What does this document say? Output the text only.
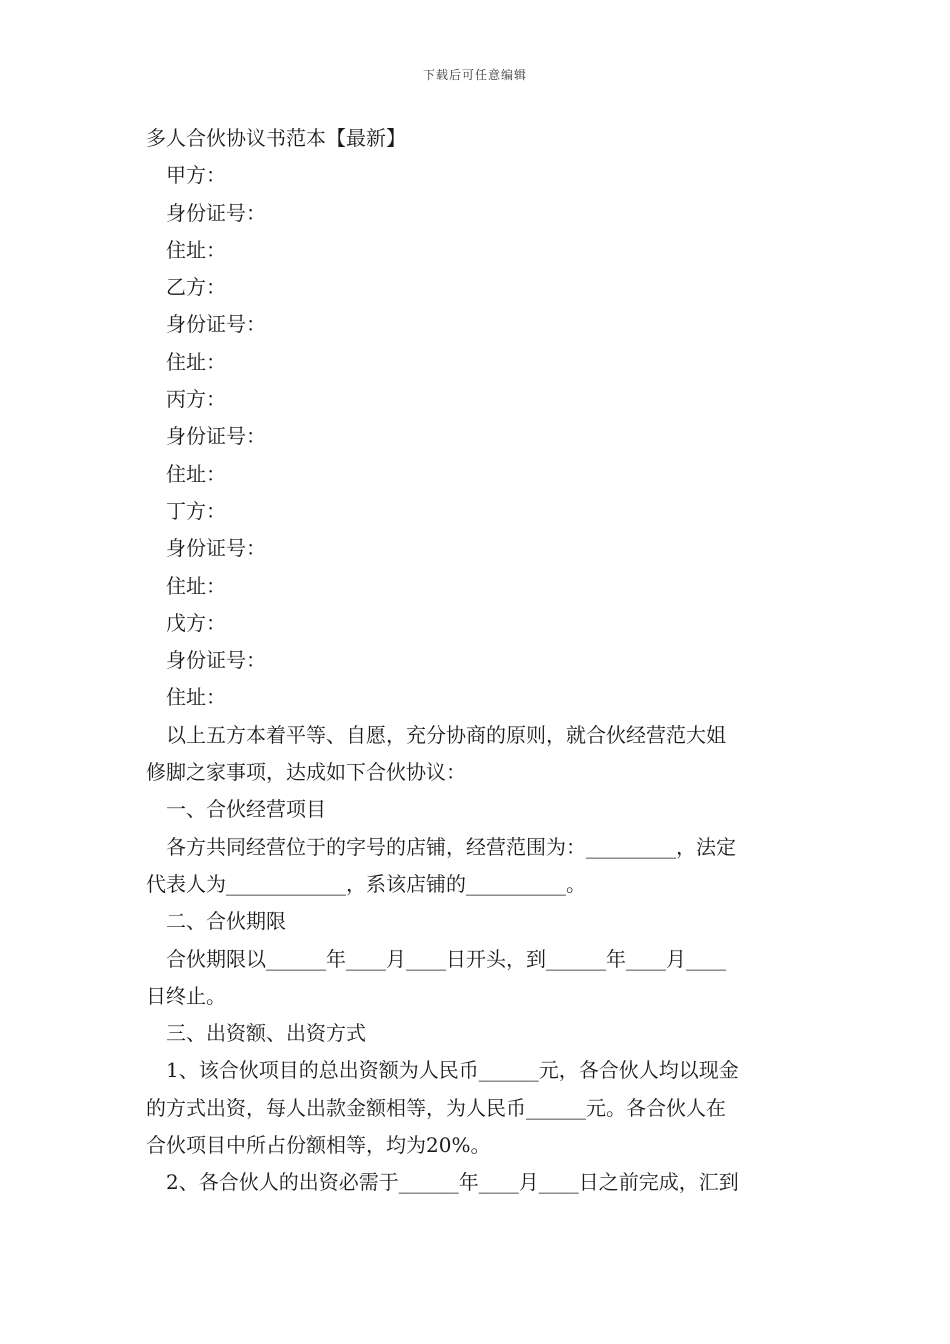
下载后可任意编辑
多人合伙协议书范本【最新】
甲方：
身份证号：
住址：
乙方：
身份证号：
住址：
丙方：
身份证号：
住址：
丁方：
身份证号：
住址：
戊方：
身份证号：
住址：
以上五方本着平等、自愿，充分协商的原则，就合伙经营范大姐
修脚之家事项，达成如下合伙协议：
一、合伙经营项目
各方共同经营位于的字号的店铺，经营范围为：_________，法定
代表人为____________，系该店铺的__________。
二、合伙期限
合伙期限以______年____月____日开头，到______年____月____
日终止。
三、出资额、出资方式
1、该合伙项目的总出资额为人民币______元，各合伙人均以现金
的方式出资，每人出款金额相等，为人民币______元。各合伙人在
合伙项目中所占份额相等，均为20%。
2、各合伙人的出资必需于______年____月____日之前完成，汇到
